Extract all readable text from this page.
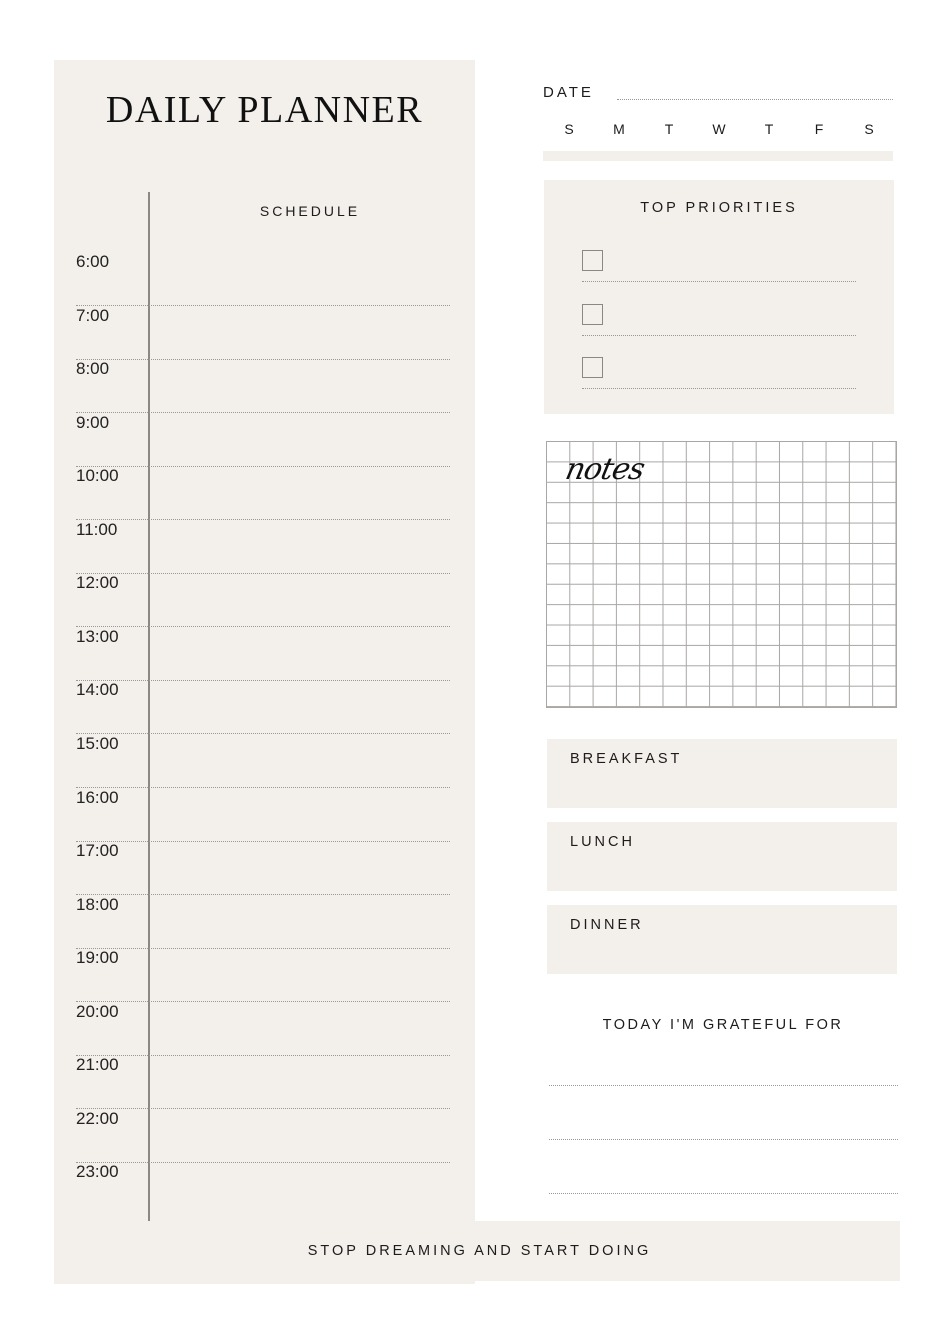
DAILY PLANNER
SCHEDULE
6:00
7:00
8:00
9:00
10:00
11:00
12:00
13:00
14:00
15:00
16:00
17:00
18:00
19:00
20:00
21:00
22:00
23:00
DATE
S	M	T	W	T	F	S
TOP PRIORITIES
notes
BREAKFAST
LUNCH
DINNER
TODAY I'M GRATEFUL FOR
STOP DREAMING AND START DOING
